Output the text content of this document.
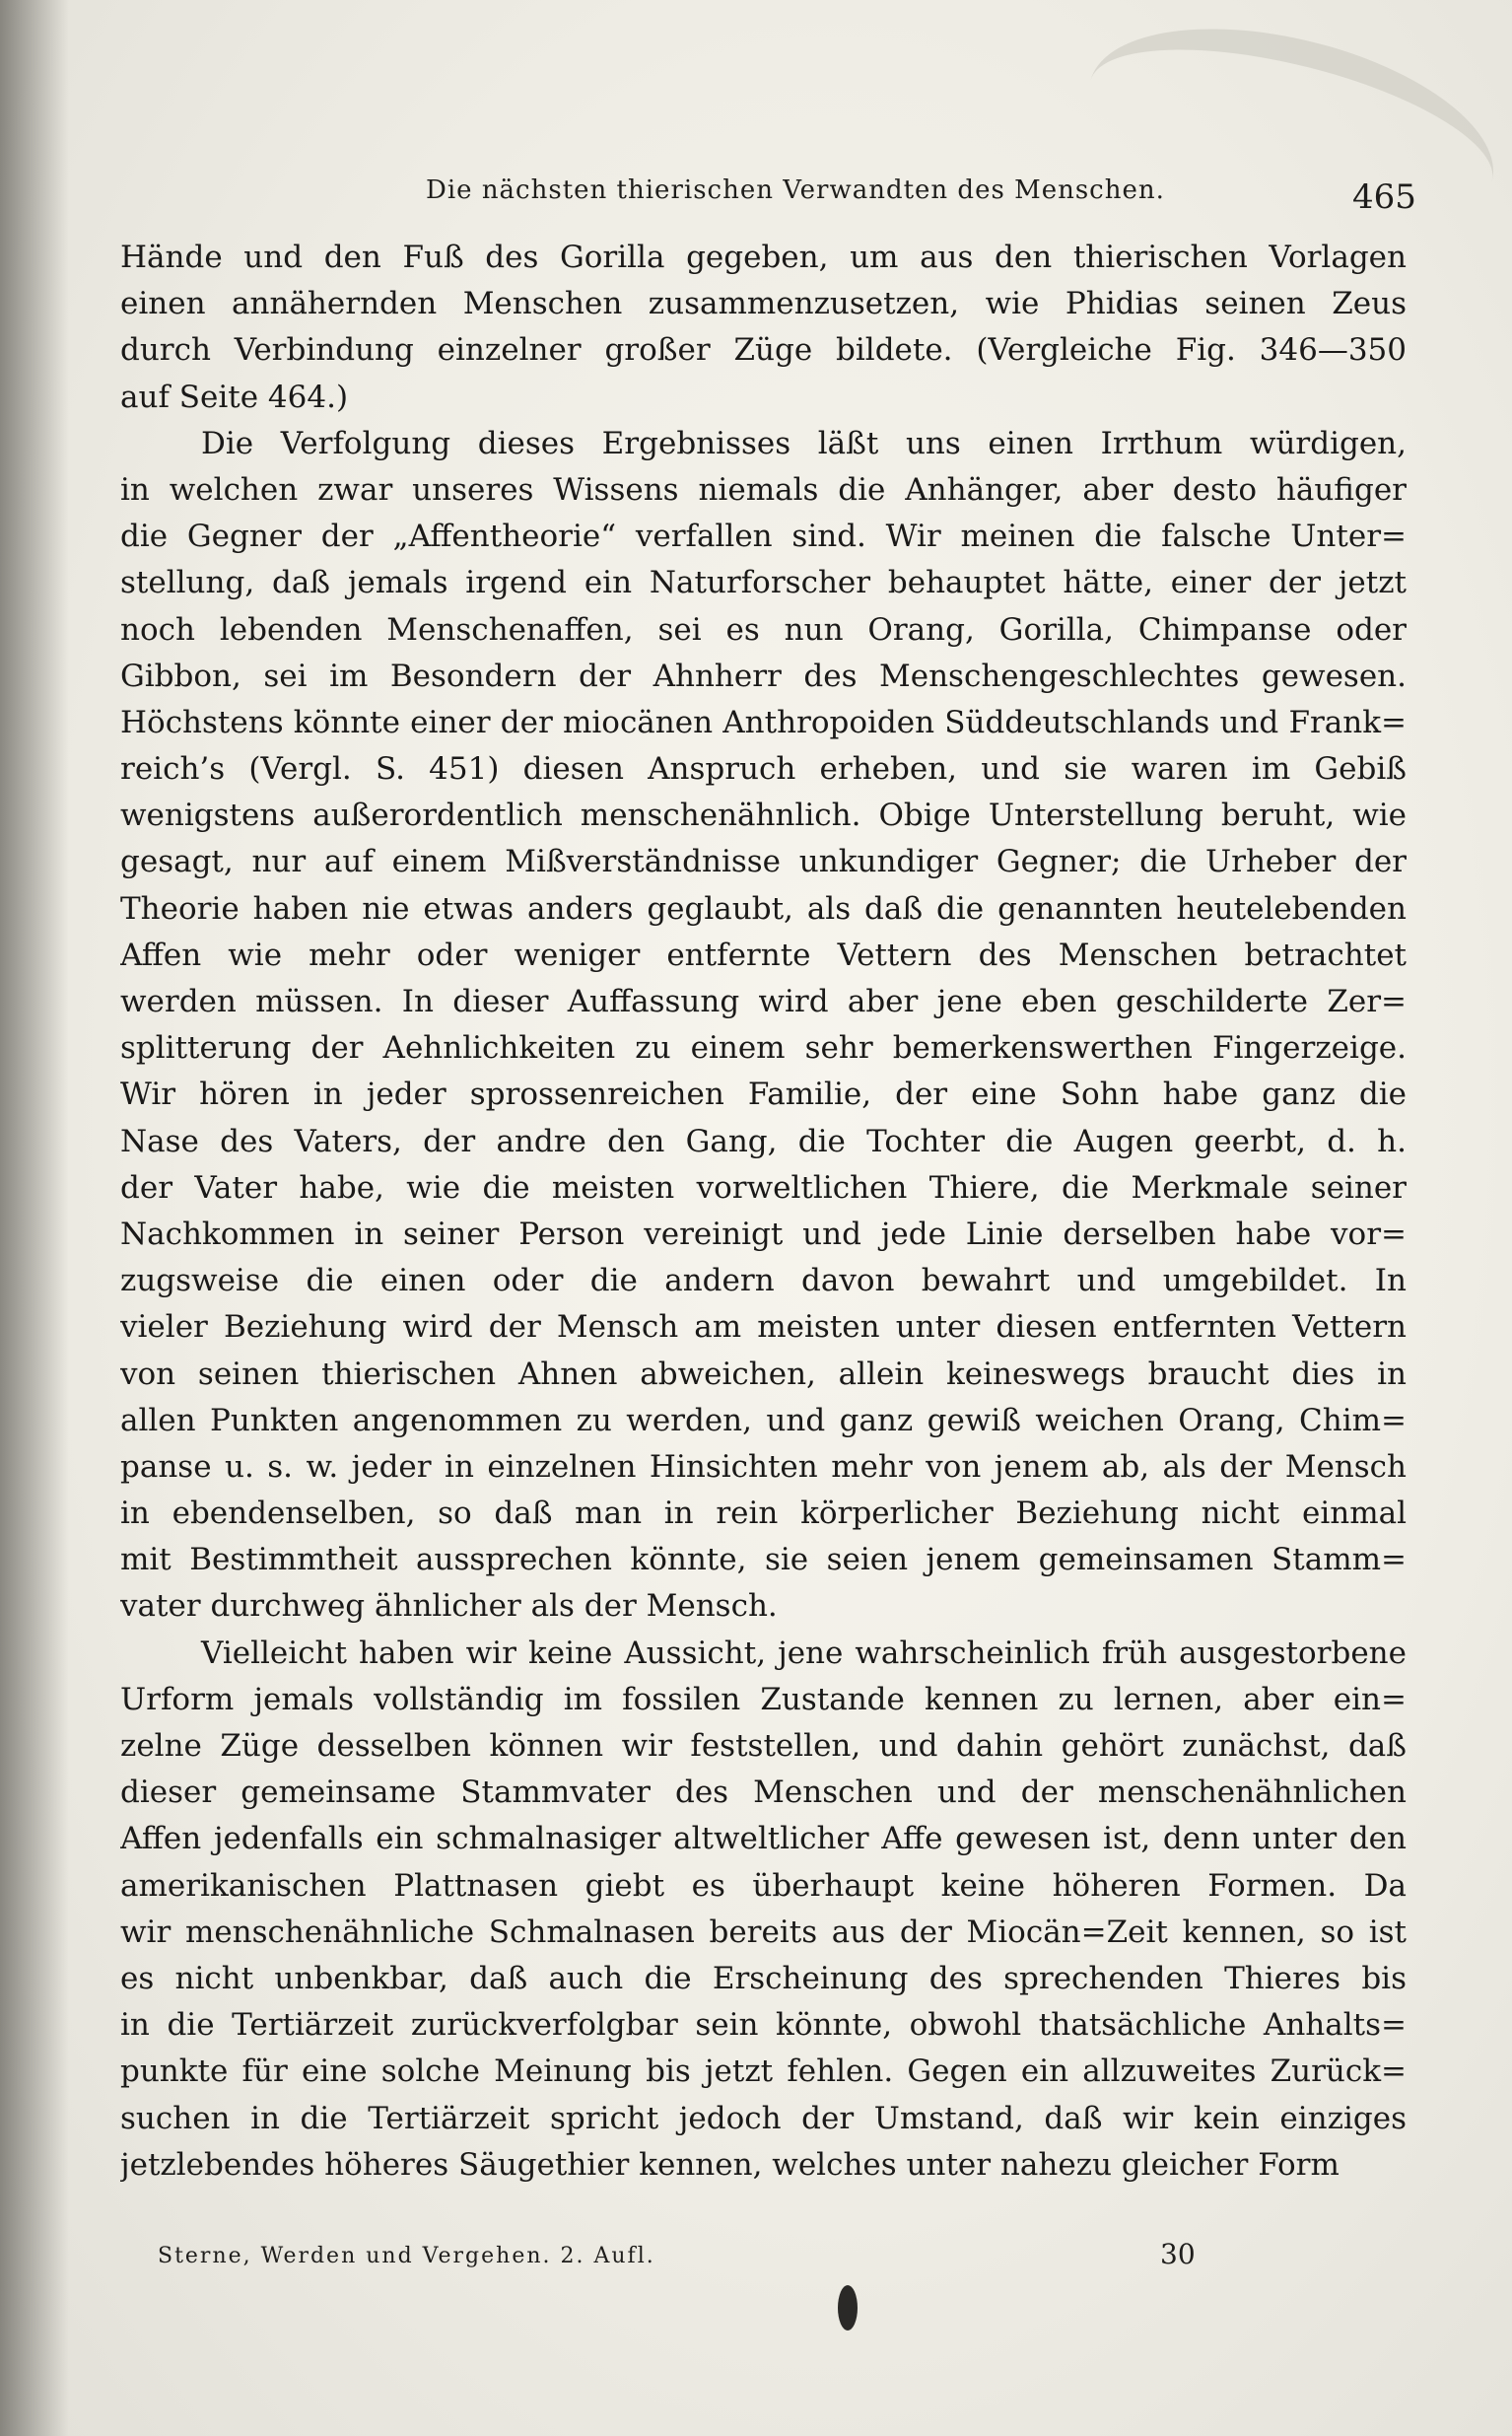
Die nächsten thierischen Verwandten des Menschen.	465
Hände und den Fuß des Gorilla gegeben, um aus den thierischen Vorlagen
einen annähernden Menschen zusammenzusetzen, wie Phidias seinen Zeus
durch Verbindung einzelner großer Züge bildete. (Vergleiche Fig. 346—350
auf Seite 464.)
Die Verfolgung dieses Ergebnisses läßt uns einen Irrthum würdigen,
in welchen zwar unseres Wissens niemals die Anhänger, aber desto häufiger
die Gegner der „Affentheorie“ verfallen sind. Wir meinen die falsche Unter=
stellung, daß jemals irgend ein Naturforscher behauptet hätte, einer der jetzt
noch lebenden Menschenaffen, sei es nun Orang, Gorilla, Chimpanse oder
Gibbon, sei im Besondern der Ahnherr des Menschengeschlechtes gewesen.
Höchstens könnte einer der miocänen Anthropoiden Süddeutschlands und Frank=
reich’s (Vergl. S. 451) diesen Anspruch erheben, und sie waren im Gebiß
wenigstens außerordentlich menschenähnlich. Obige Unterstellung beruht, wie
gesagt, nur auf einem Mißverständnisse unkundiger Gegner; die Urheber der
Theorie haben nie etwas anders geglaubt, als daß die genannten heutelebenden
Affen wie mehr oder weniger entfernte Vettern des Menschen betrachtet
werden müssen. In dieser Auffassung wird aber jene eben geschilderte Zer=
splitterung der Aehnlichkeiten zu einem sehr bemerkenswerthen Fingerzeige.
Wir hören in jeder sprossenreichen Familie, der eine Sohn habe ganz die
Nase des Vaters, der andre den Gang, die Tochter die Augen geerbt, d. h.
der Vater habe, wie die meisten vorweltlichen Thiere, die Merkmale seiner
Nachkommen in seiner Person vereinigt und jede Linie derselben habe vor=
zugsweise die einen oder die andern davon bewahrt und umgebildet. In
vieler Beziehung wird der Mensch am meisten unter diesen entfernten Vettern
von seinen thierischen Ahnen abweichen, allein keineswegs braucht dies in
allen Punkten angenommen zu werden, und ganz gewiß weichen Orang, Chim=
panse u. s. w. jeder in einzelnen Hinsichten mehr von jenem ab, als der Mensch
in ebendenselben, so daß man in rein körperlicher Beziehung nicht einmal
mit Bestimmtheit aussprechen könnte, sie seien jenem gemeinsamen Stamm=
vater durchweg ähnlicher als der Mensch.
Vielleicht haben wir keine Aussicht, jene wahrscheinlich früh ausgestorbene
Urform jemals vollständig im fossilen Zustande kennen zu lernen, aber ein=
zelne Züge desselben können wir feststellen, und dahin gehört zunächst, daß
dieser gemeinsame Stammvater des Menschen und der menschenähnlichen
Affen jedenfalls ein schmalnasiger altweltlicher Affe gewesen ist, denn unter den
amerikanischen Plattnasen giebt es überhaupt keine höheren Formen. Da
wir menschenähnliche Schmalnasen bereits aus der Miocän=Zeit kennen, so ist
es nicht unbenkbar, daß auch die Erscheinung des sprechenden Thieres bis
in die Tertiärzeit zurückverfolgbar sein könnte, obwohl thatsächliche Anhalts=
punkte für eine solche Meinung bis jetzt fehlen. Gegen ein allzuweites Zurück=
suchen in die Tertiärzeit spricht jedoch der Umstand, daß wir kein einziges
jetzlebendes höheres Säugethier kennen, welches unter nahezu gleicher Form
Sterne, Werden und Vergehen. 2. Aufl.	30
